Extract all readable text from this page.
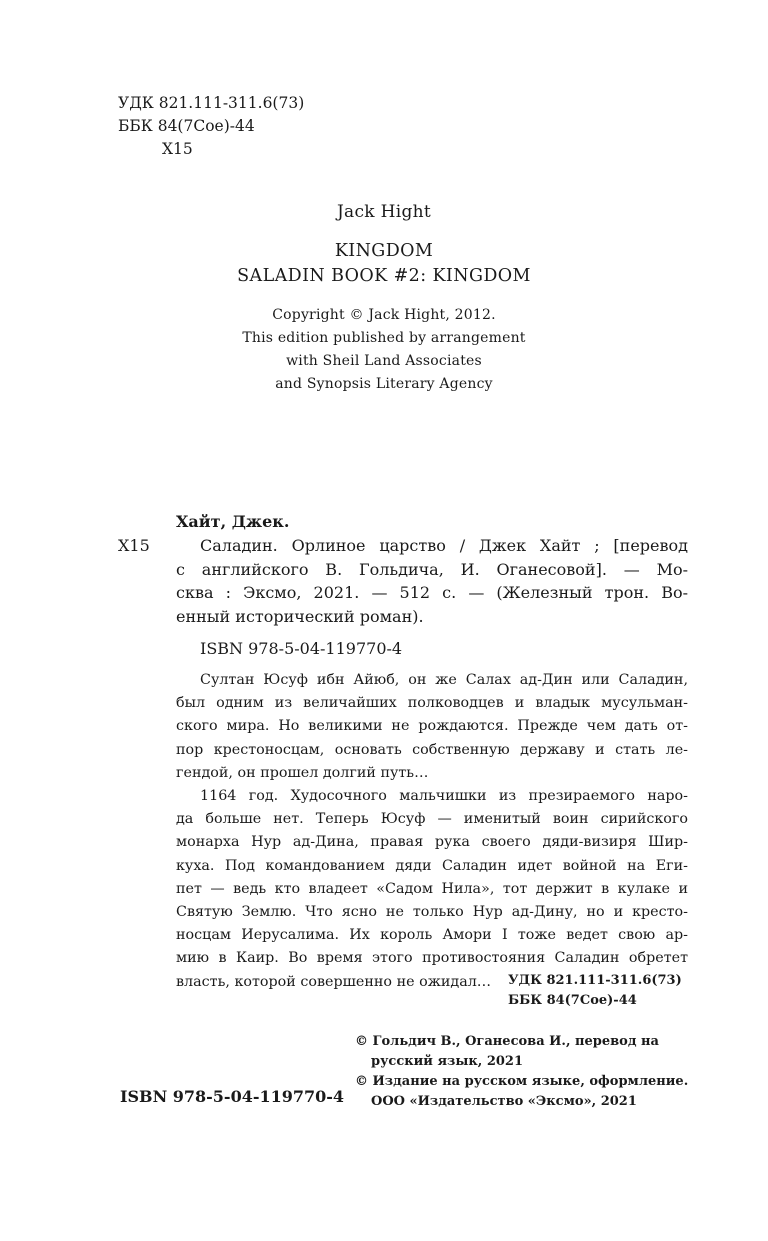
УДК 821.111-311.6(73)
ББК 84(7Сое)-44
Х15
Jack Hight
KINGDOM
SALADIN BOOK #2: KINGDOM
Copyright © Jack Hight, 2012.
This edition published by arrangement
with Sheil Land Associates
and Synopsis Literary Agency
Хайт, Джек.
Х15	Саладин. Орлиное царство / Джек Хайт ; [перевод
с английского В. Гольдича, И. Оганесовой]. — Мо-
сква : Эксмо, 2021. — 512 с. — (Железный трон. Во-
енный исторический роман).
ISBN 978-5-04-119770-4
Султан Юсуф ибн Айюб, он же Салах ад-Дин или Саладин,
был одним из величайших полководцев и владык мусульман-
ского мира. Но великими не рождаются. Прежде чем дать от-
пор крестоносцам, основать собственную державу и стать ле-
гендой, он прошел долгий путь…
1164 год. Худосочного мальчишки из презираемого наро-
да больше нет. Теперь Юсуф — именитый воин сирийского
монарха Нур ад-Дина, правая рука своего дяди-визиря Шир-
куха. Под командованием дяди Саладин идет войной на Еги-
пет — ведь кто владеет «Садом Нила», тот держит в кулаке и
Святую Землю. Что ясно не только Нур ад-Дину, но и кресто-
носцам Иерусалима. Их король Амори I тоже ведет свою ар-
мию в Каир. Во время этого противостояния Саладин обретет
власть, которой совершенно не ожидал…	УДК 821.111-311.6(73)
ББК 84(7Сое)-44
© Гольдич В., Оганесова И., перевод на
русский язык, 2021
© Издание на русском языке, оформление.
ООО «Издательство «Эксмо», 2021
ISBN 978-5-04-119770-4
